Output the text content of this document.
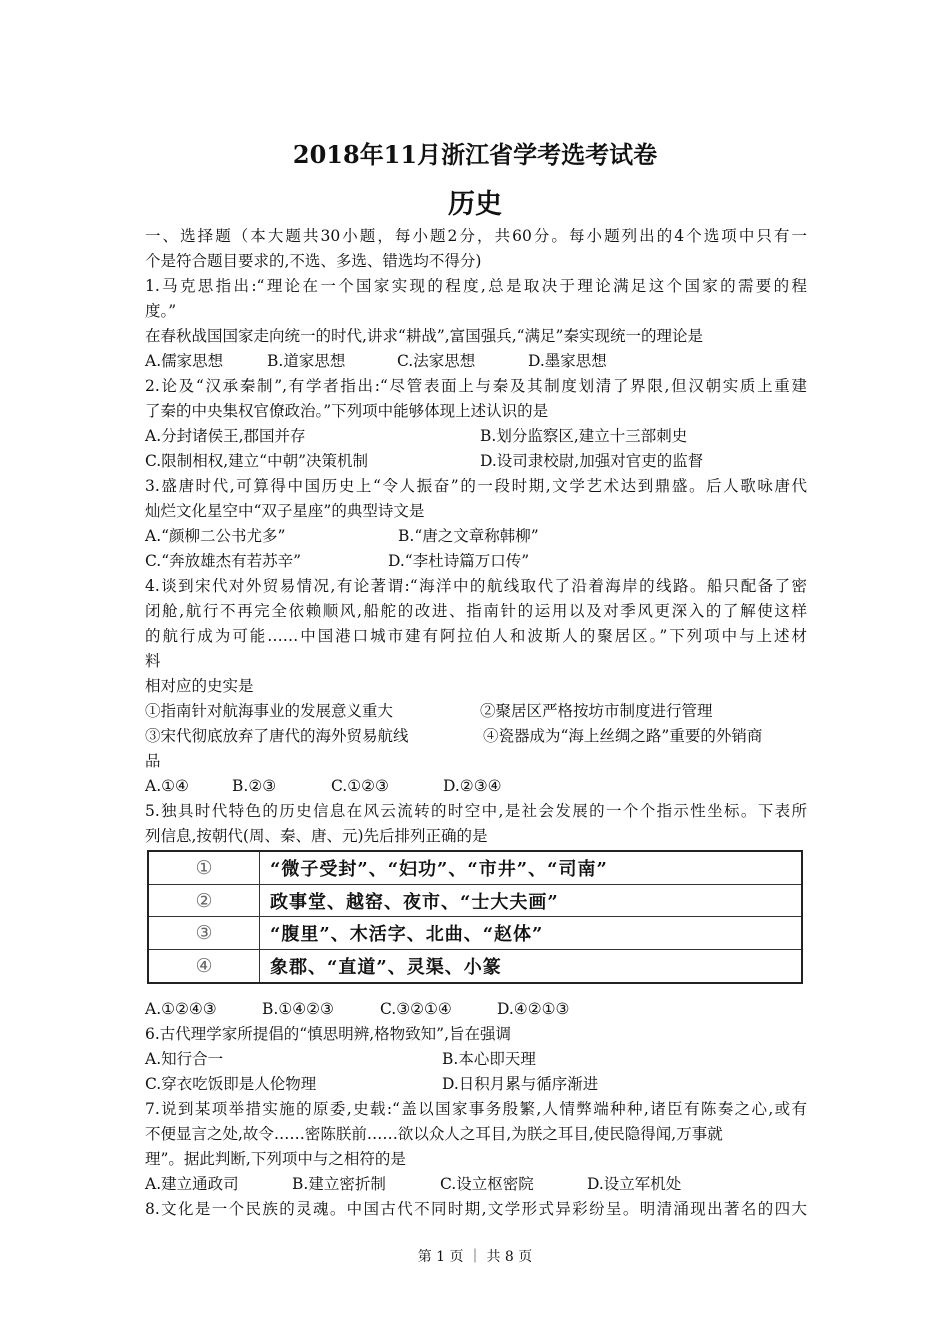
2018年11月浙江省学考选考试卷
历史
一、选择题（本大题共30小题，每小题2分，共60分。每小题列出的4个选项中只有一
个是符合题目要求的,不选、多选、错选均不得分)
1.马克思指出:“理论在一个国家实现的程度,总是取决于理论满足这个国家的需要的程
度。”
在春秋战国国家走向统一的时代,讲求“耕战”,富国强兵,“满足”秦实现统一的理论是
A.儒家思想	B.道家思想	C.法家思想	D.墨家思想
2.论及“汉承秦制”,有学者指出:“尽管表面上与秦及其制度划清了界限,但汉朝实质上重建
了秦的中央集权官僚政治。”下列项中能够体现上述认识的是
A.分封诸侯王,郡国并存	B.划分监察区,建立十三部刺史
C.限制相权,建立“中朝”决策机制	D.设司隶校尉,加强对官吏的监督
3.盛唐时代,可算得中国历史上“令人振奋”的一段时期,文学艺术达到鼎盛。后人歌咏唐代
灿烂文化星空中“双子星座”的典型诗文是
A.“颜柳二公书尤多”	B.“唐之文章称韩柳”
C.“奔放雄杰有若苏辛”	D.“李杜诗篇万口传”
4.谈到宋代对外贸易情况,有论著谓:“海洋中的航线取代了沿着海岸的线路。船只配备了密
闭舱,航行不再完全依赖顺风,船舵的改进、指南针的运用以及对季风更深入的了解使这样
的航行成为可能……中国港口城市建有阿拉伯人和波斯人的聚居区。”下列项中与上述材
料
相对应的史实是
①指南针对航海事业的发展意义重大	②聚居区严格按坊市制度进行管理
③宋代彻底放弃了唐代的海外贸易航线	④瓷器成为“海上丝绸之路”重要的外销商
品
A.①④	B.②③	C.①②③	D.②③④
5.独具时代特色的历史信息在风云流转的时空中,是社会发展的一个个指示性坐标。下表所
列信息,按朝代(周、秦、唐、元)先后排列正确的是
①	“微子受封”、“妇功”、“市井”、“司南”
②	政事堂、越窑、夜市、“士大夫画”
③	“腹里”、木活字、北曲、“赵体”
④	象郡、“直道”、灵渠、小篆
A.①②④③	B.①④②③	C.③②①④	D.④②①③
6.古代理学家所提倡的“慎思明辨,格物致知”,旨在强调
A.知行合一	B.本心即天理
C.穿衣吃饭即是人伦物理	D.日积月累与循序渐进
7.说到某项举措实施的原委,史载:“盖以国家事务殷繁,人情弊端种种,诸臣有陈奏之心,或有
不便显言之处,故令……密陈朕前……欲以众人之耳目,为朕之耳目,使民隐得闻,万事就
理”。据此判断,下列项中与之相符的是
A.建立通政司	B.建立密折制	C.设立枢密院	D.设立军机处
8.文化是一个民族的灵魂。中国古代不同时期,文学形式异彩纷呈。明清涌现出著名的四大
第 1 页 ｜ 共 8 页
